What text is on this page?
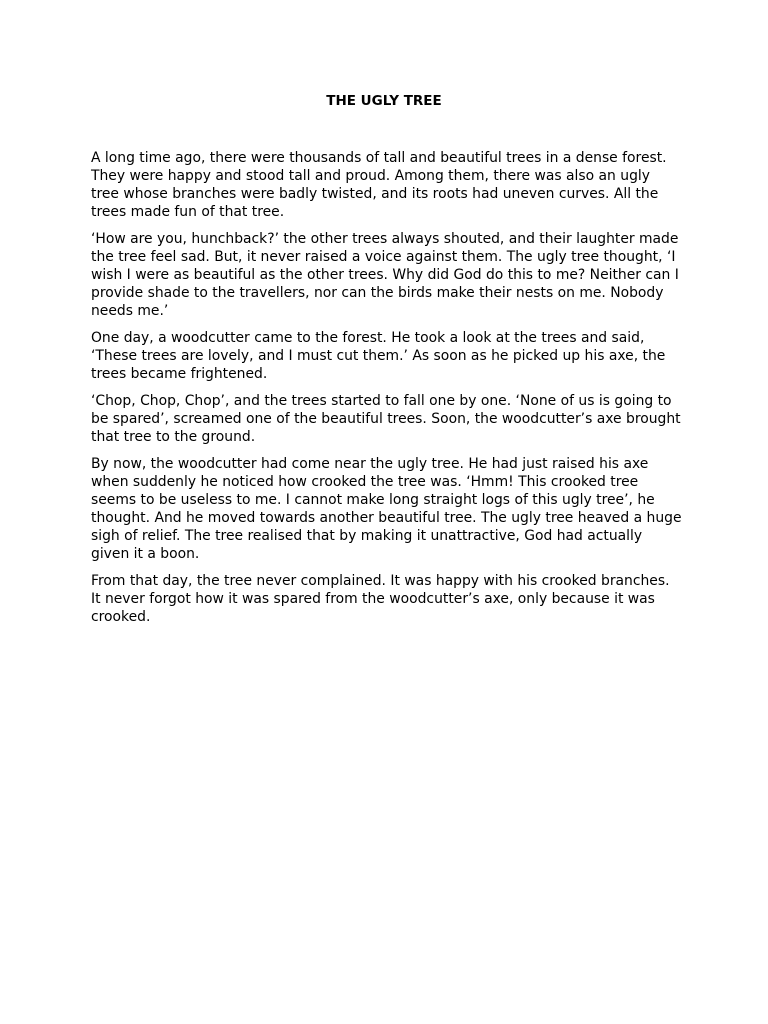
THE UGLY TREE

A long time ago, there were thousands of tall and beautiful trees in a dense forest.
They were happy and stood tall and proud. Among them, there was also an ugly
tree whose branches were badly twisted, and its roots had uneven curves. All the
trees made fun of that tree.

‘How are you, hunchback?’ the other trees always shouted, and their laughter made
the tree feel sad. But, it never raised a voice against them. The ugly tree thought, ‘I
wish I were as beautiful as the other trees. Why did God do this to me? Neither can I
provide shade to the travellers, nor can the birds make their nests on me. Nobody
needs me.’

One day, a woodcutter came to the forest. He took a look at the trees and said,
‘These trees are lovely, and I must cut them.’ As soon as he picked up his axe, the
trees became frightened.

‘Chop, Chop, Chop’, and the trees started to fall one by one. ‘None of us is going to
be spared’, screamed one of the beautiful trees. Soon, the woodcutter’s axe brought
that tree to the ground.

By now, the woodcutter had come near the ugly tree. He had just raised his axe
when suddenly he noticed how crooked the tree was. ‘Hmm! This crooked tree
seems to be useless to me. I cannot make long straight logs of this ugly tree’, he
thought. And he moved towards another beautiful tree. The ugly tree heaved a huge
sigh of relief. The tree realised that by making it unattractive, God had actually
given it a boon.

From that day, the tree never complained. It was happy with his crooked branches.
It never forgot how it was spared from the woodcutter’s axe, only because it was
crooked.
